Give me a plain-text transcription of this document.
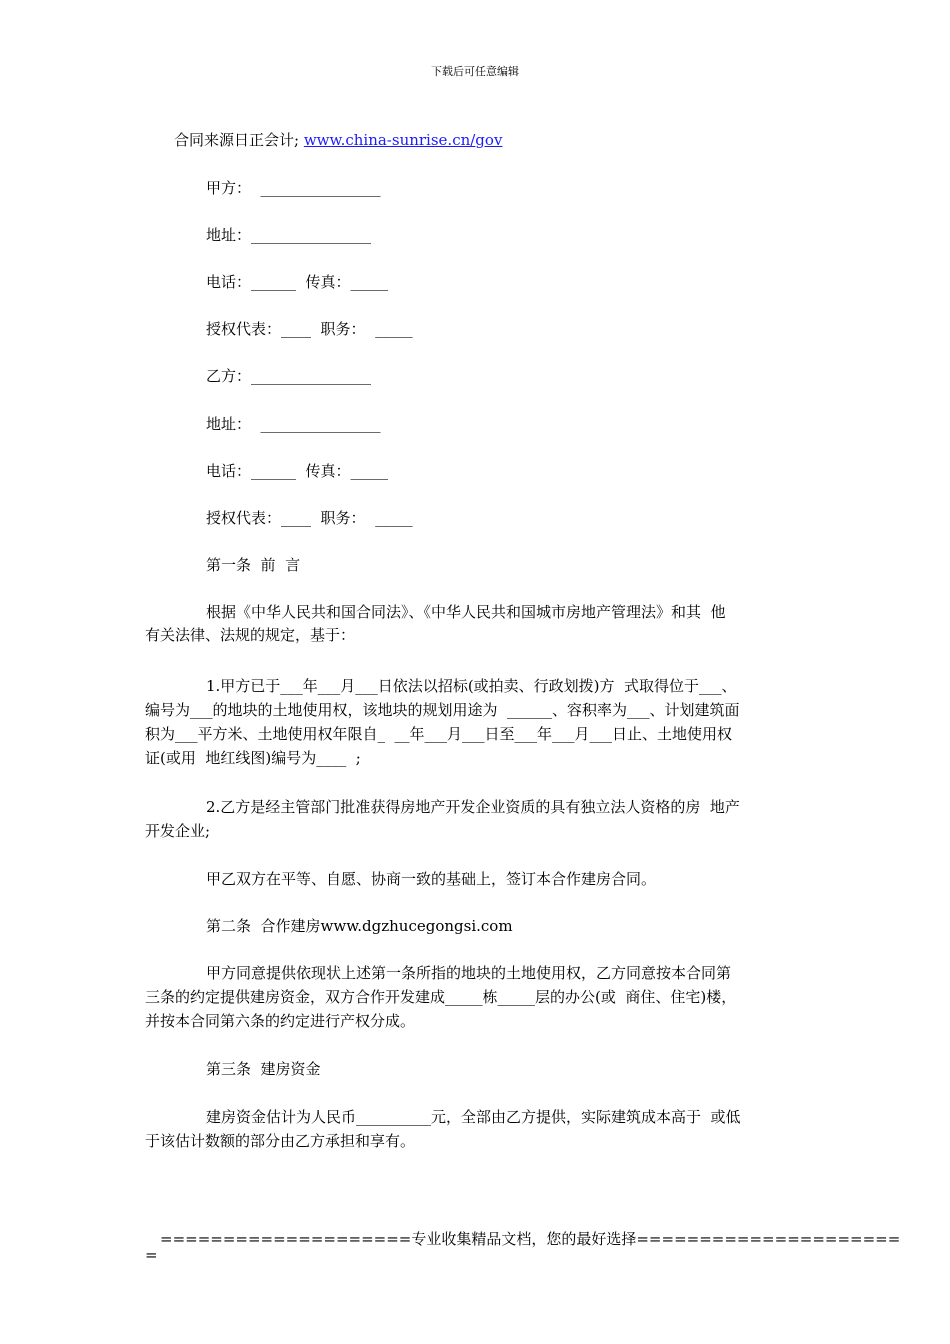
下载后可任意编辑
合同来源日正会计; www.china-sunrise.cn/gov
甲方：  ________________
地址：________________
电话：______  传真：_____
授权代表：____  职务：  _____
乙方：________________
地址：  ________________
电话：______  传真：_____
授权代表：____  职务：  _____
第一条  前  言
根据《中华人民共和国合同法》、《中华人民共和国城市房地产管理法》和其  他
有关法律、法规的规定，基于：
1.甲方已于___年___月___日依法以招标(或拍卖、行政划拨)方  式取得位于___、
编号为___的地块的土地使用权，该地块的规划用途为  ______、容积率为___、计划建筑面
积为___平方米、土地使用权年限自_  __年___月___日至___年___月___日止、土地使用权
证(或用  地红线图)编号为____  ;
2.乙方是经主管部门批准获得房地产开发企业资质的具有独立法人资格的房  地产
开发企业;
甲乙双方在平等、自愿、协商一致的基础上，签订本合作建房合同。
第二条  合作建房www.dgzhucegongsi.com
甲方同意提供依现状上述第一条所指的地块的土地使用权，乙方同意按本合同第
三条的约定提供建房资金，双方合作开发建成_____栋_____层的办公(或  商住、住宅)楼，
并按本合同第六条的约定进行产权分成。
第三条  建房资金
建房资金估计为人民币__________元，全部由乙方提供，实际建筑成本高于  或低
于该估计数额的部分由乙方承担和享有。
====================专业收集精品文档，您的最好选择=====================
=
